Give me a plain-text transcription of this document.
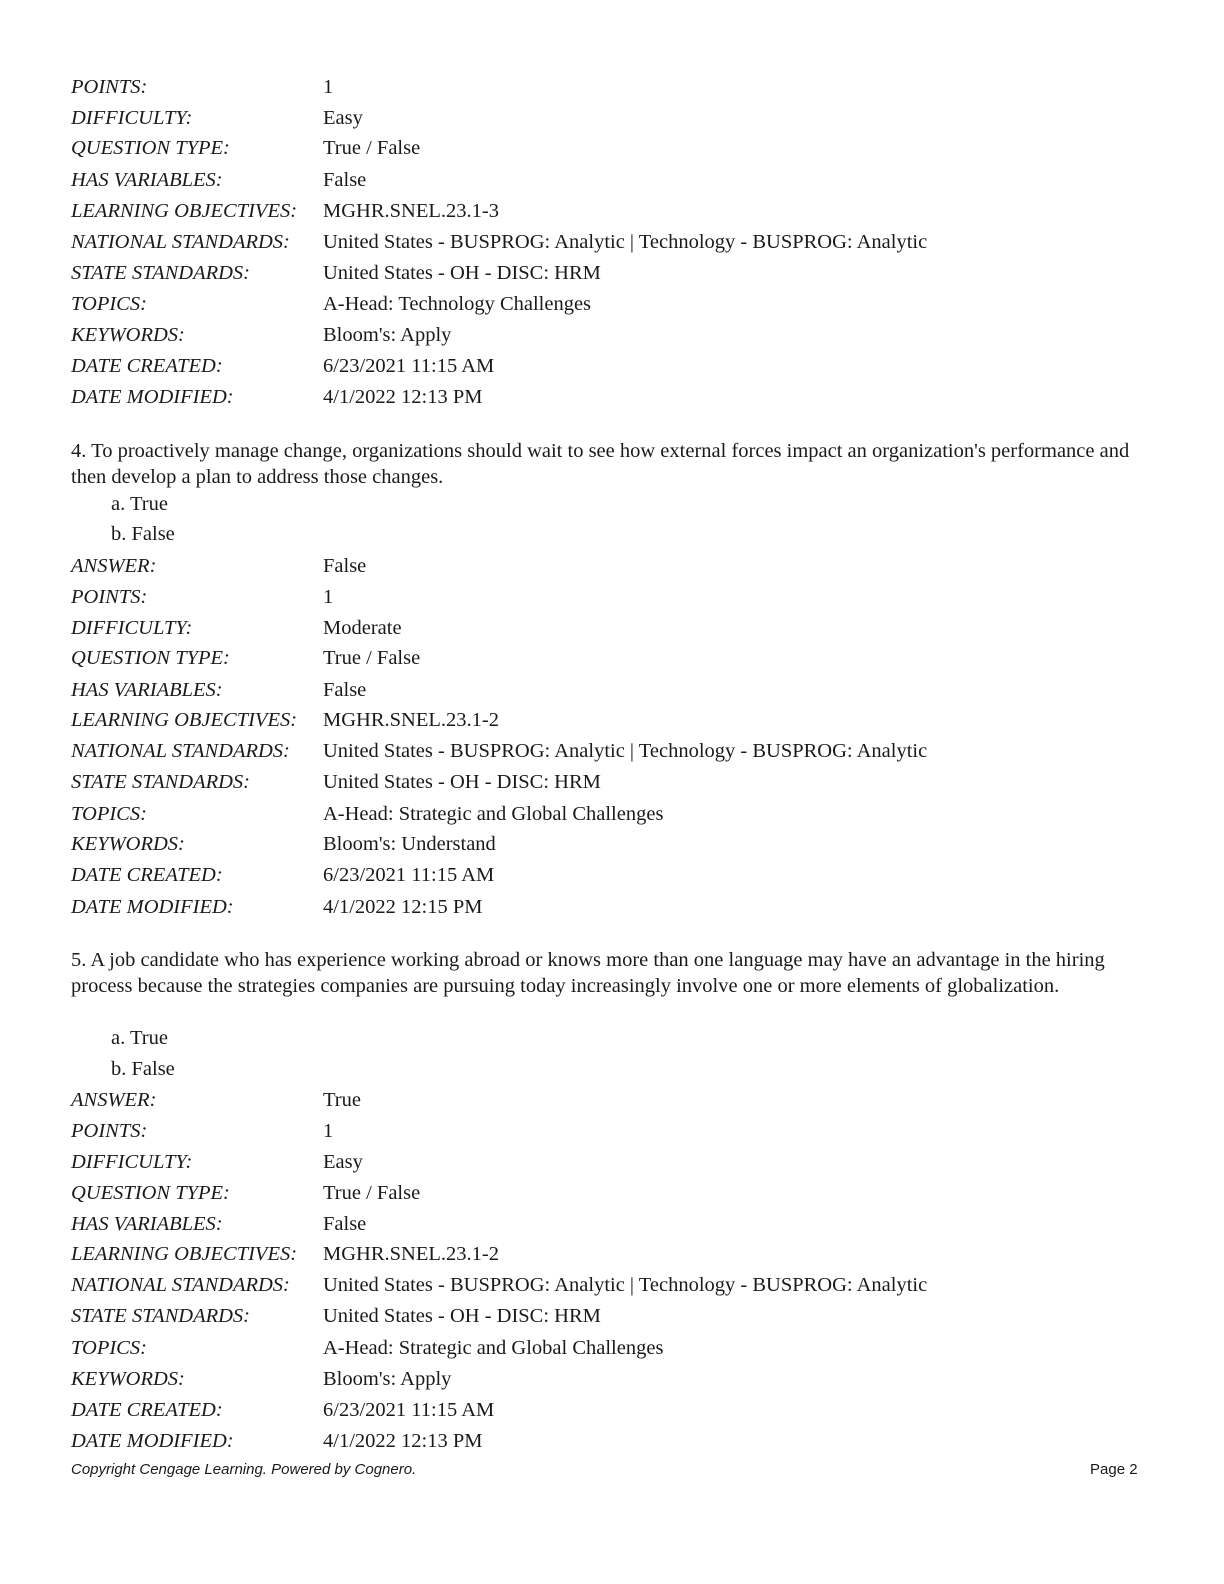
POINTS:	1
DIFFICULTY:	Easy
QUESTION TYPE:	True / False
HAS VARIABLES:	False
LEARNING OBJECTIVES: MGHR.SNEL.23.1-3
NATIONAL STANDARDS: United States - BUSPROG: Analytic | Technology - BUSPROG: Analytic
STATE STANDARDS:	United States - OH - DISC: HRM
TOPICS:	A-Head: Technology Challenges
KEYWORDS:	Bloom's: Apply
DATE CREATED:	6/23/2021 11:15 AM
DATE MODIFIED:	4/1/2022 12:13 PM
4. To proactively manage change, organizations should wait to see how external forces impact an organization's performance and then develop a plan to address those changes.
a. True
b. False
ANSWER:	False
POINTS:	1
DIFFICULTY:	Moderate
QUESTION TYPE:	True / False
HAS VARIABLES:	False
LEARNING OBJECTIVES: MGHR.SNEL.23.1-2
NATIONAL STANDARDS: United States - BUSPROG: Analytic | Technology - BUSPROG: Analytic
STATE STANDARDS:	United States - OH - DISC: HRM
TOPICS:	A-Head: Strategic and Global Challenges
KEYWORDS:	Bloom's: Understand
DATE CREATED:	6/23/2021 11:15 AM
DATE MODIFIED:	4/1/2022 12:15 PM
5. A job candidate who has experience working abroad or knows more than one language may have an advantage in the hiring process because the strategies companies are pursuing today increasingly involve one or more elements of globalization.
a. True
b. False
ANSWER:	True
POINTS:	1
DIFFICULTY:	Easy
QUESTION TYPE:	True / False
HAS VARIABLES:	False
LEARNING OBJECTIVES: MGHR.SNEL.23.1-2
NATIONAL STANDARDS: United States - BUSPROG: Analytic | Technology - BUSPROG: Analytic
STATE STANDARDS:	United States - OH - DISC: HRM
TOPICS:	A-Head: Strategic and Global Challenges
KEYWORDS:	Bloom's: Apply
DATE CREATED:	6/23/2021 11:15 AM
DATE MODIFIED:	4/1/2022 12:13 PM
Copyright Cengage Learning. Powered by Cognero.	Page 2
